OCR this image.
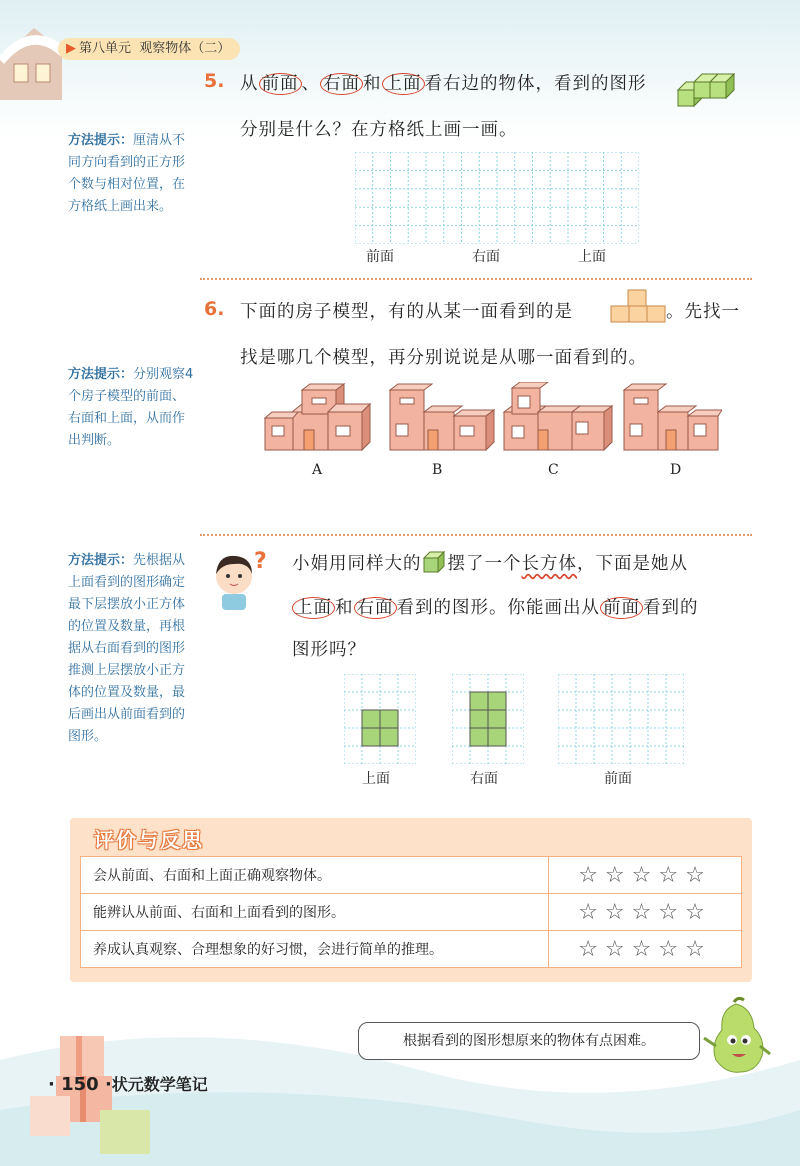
▶ 第八单元 观察物体（二）
5. 从 前面 、 右面 和 上面 看右边的物体，看到的图形
分别是什么？在方格纸上画一画。
方法提示：厘清从不同方向看到的正方形个数与相对位置，在方格纸上画出来。
前面	右面	上面
6. 下面的房子模型，有的从某一面看到的是	。先找一
找是哪几个模型，再分别说说是从哪一面看到的。
方法提示：分别观察4个房子模型的前面、右面和上面，从而作出判断。
A	B	C	D
方法提示：先根据从上面看到的图形确定最下层摆放小正方体的位置及数量，再根据从右面看到的图形推测上层摆放小正方体的位置及数量，最后画出从前面看到的图形。
? 小娟用同样大的 摆了一个长方体，下面是她从
上面 和 右面 看到的图形。你能画出从 前面 看到的
图形吗？
上面	右面	前面
评价与反思
会从前面、右面和上面正确观察物体。	☆☆☆☆☆
能辨认从前面、右面和上面看到的图形。	☆☆☆☆☆
养成认真观察、合理想象的好习惯，会进行简单的推理。	☆☆☆☆☆
根据看到的图形想原来的物体有点困难。
· 150 ·状元数学笔记
